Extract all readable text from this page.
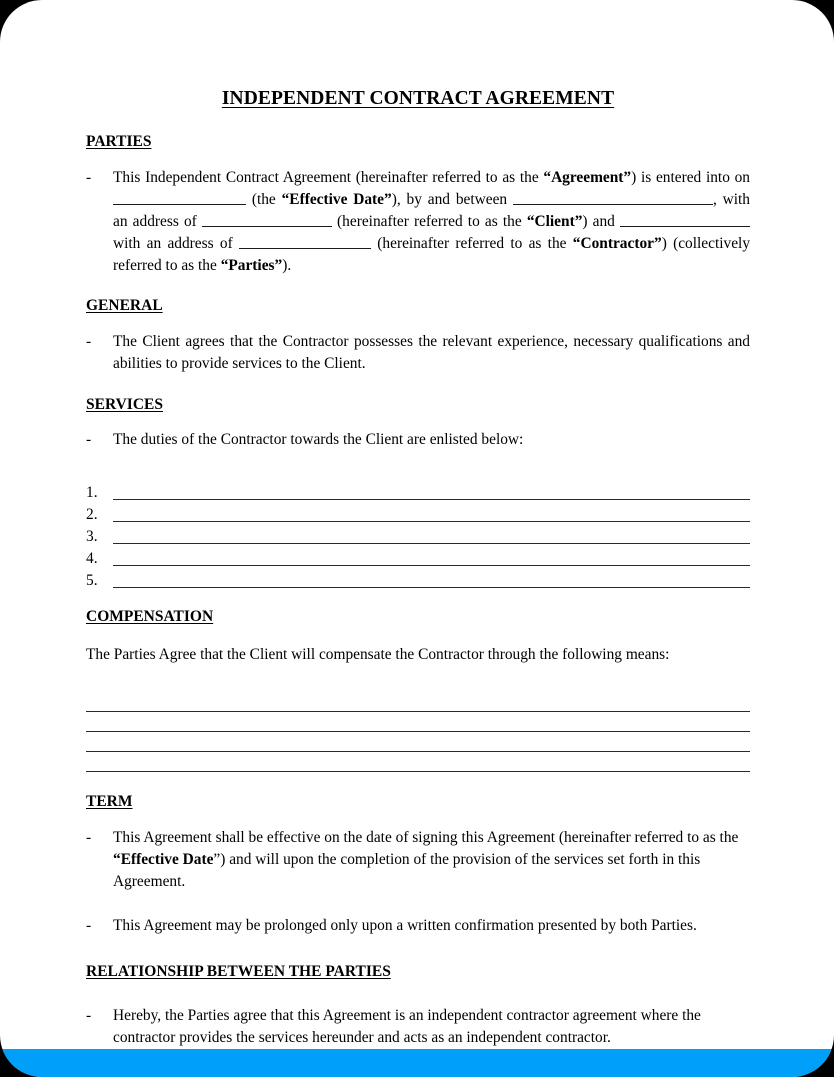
INDEPENDENT CONTRACT AGREEMENT
PARTIES
-	This Independent Contract Agreement (hereinafter referred to as the “Agreement”) is entered into on  (the “Effective Date”), by and between	, with an address of	(hereinafter referred to as the “Client”) and with an address of	(hereinafter referred to as the “Contractor”) (collectively referred to as the “Parties”).
GENERAL
-	The Client agrees that the Contractor possesses the relevant experience, necessary qualifications and abilities to provide services to the Client.
SERVICES
-	The duties of the Contractor towards the Client are enlisted below:
1.
2.
3.
4.
5.
COMPENSATION

The Parties Agree that the Client will compensate the Contractor through the following means:

TERM
-	This Agreement shall be effective on the date of signing this Agreement (hereinafter referred to as the “Effective Date”) and will upon the completion of the provision of the services set forth in this Agreement.
-	This Agreement may be prolonged only upon a written confirmation presented by both Parties.
RELATIONSHIP BETWEEN THE PARTIES
-	Hereby, the Parties agree that this Agreement is an independent contractor agreement where the contractor provides the services hereunder and acts as an independent contractor.
